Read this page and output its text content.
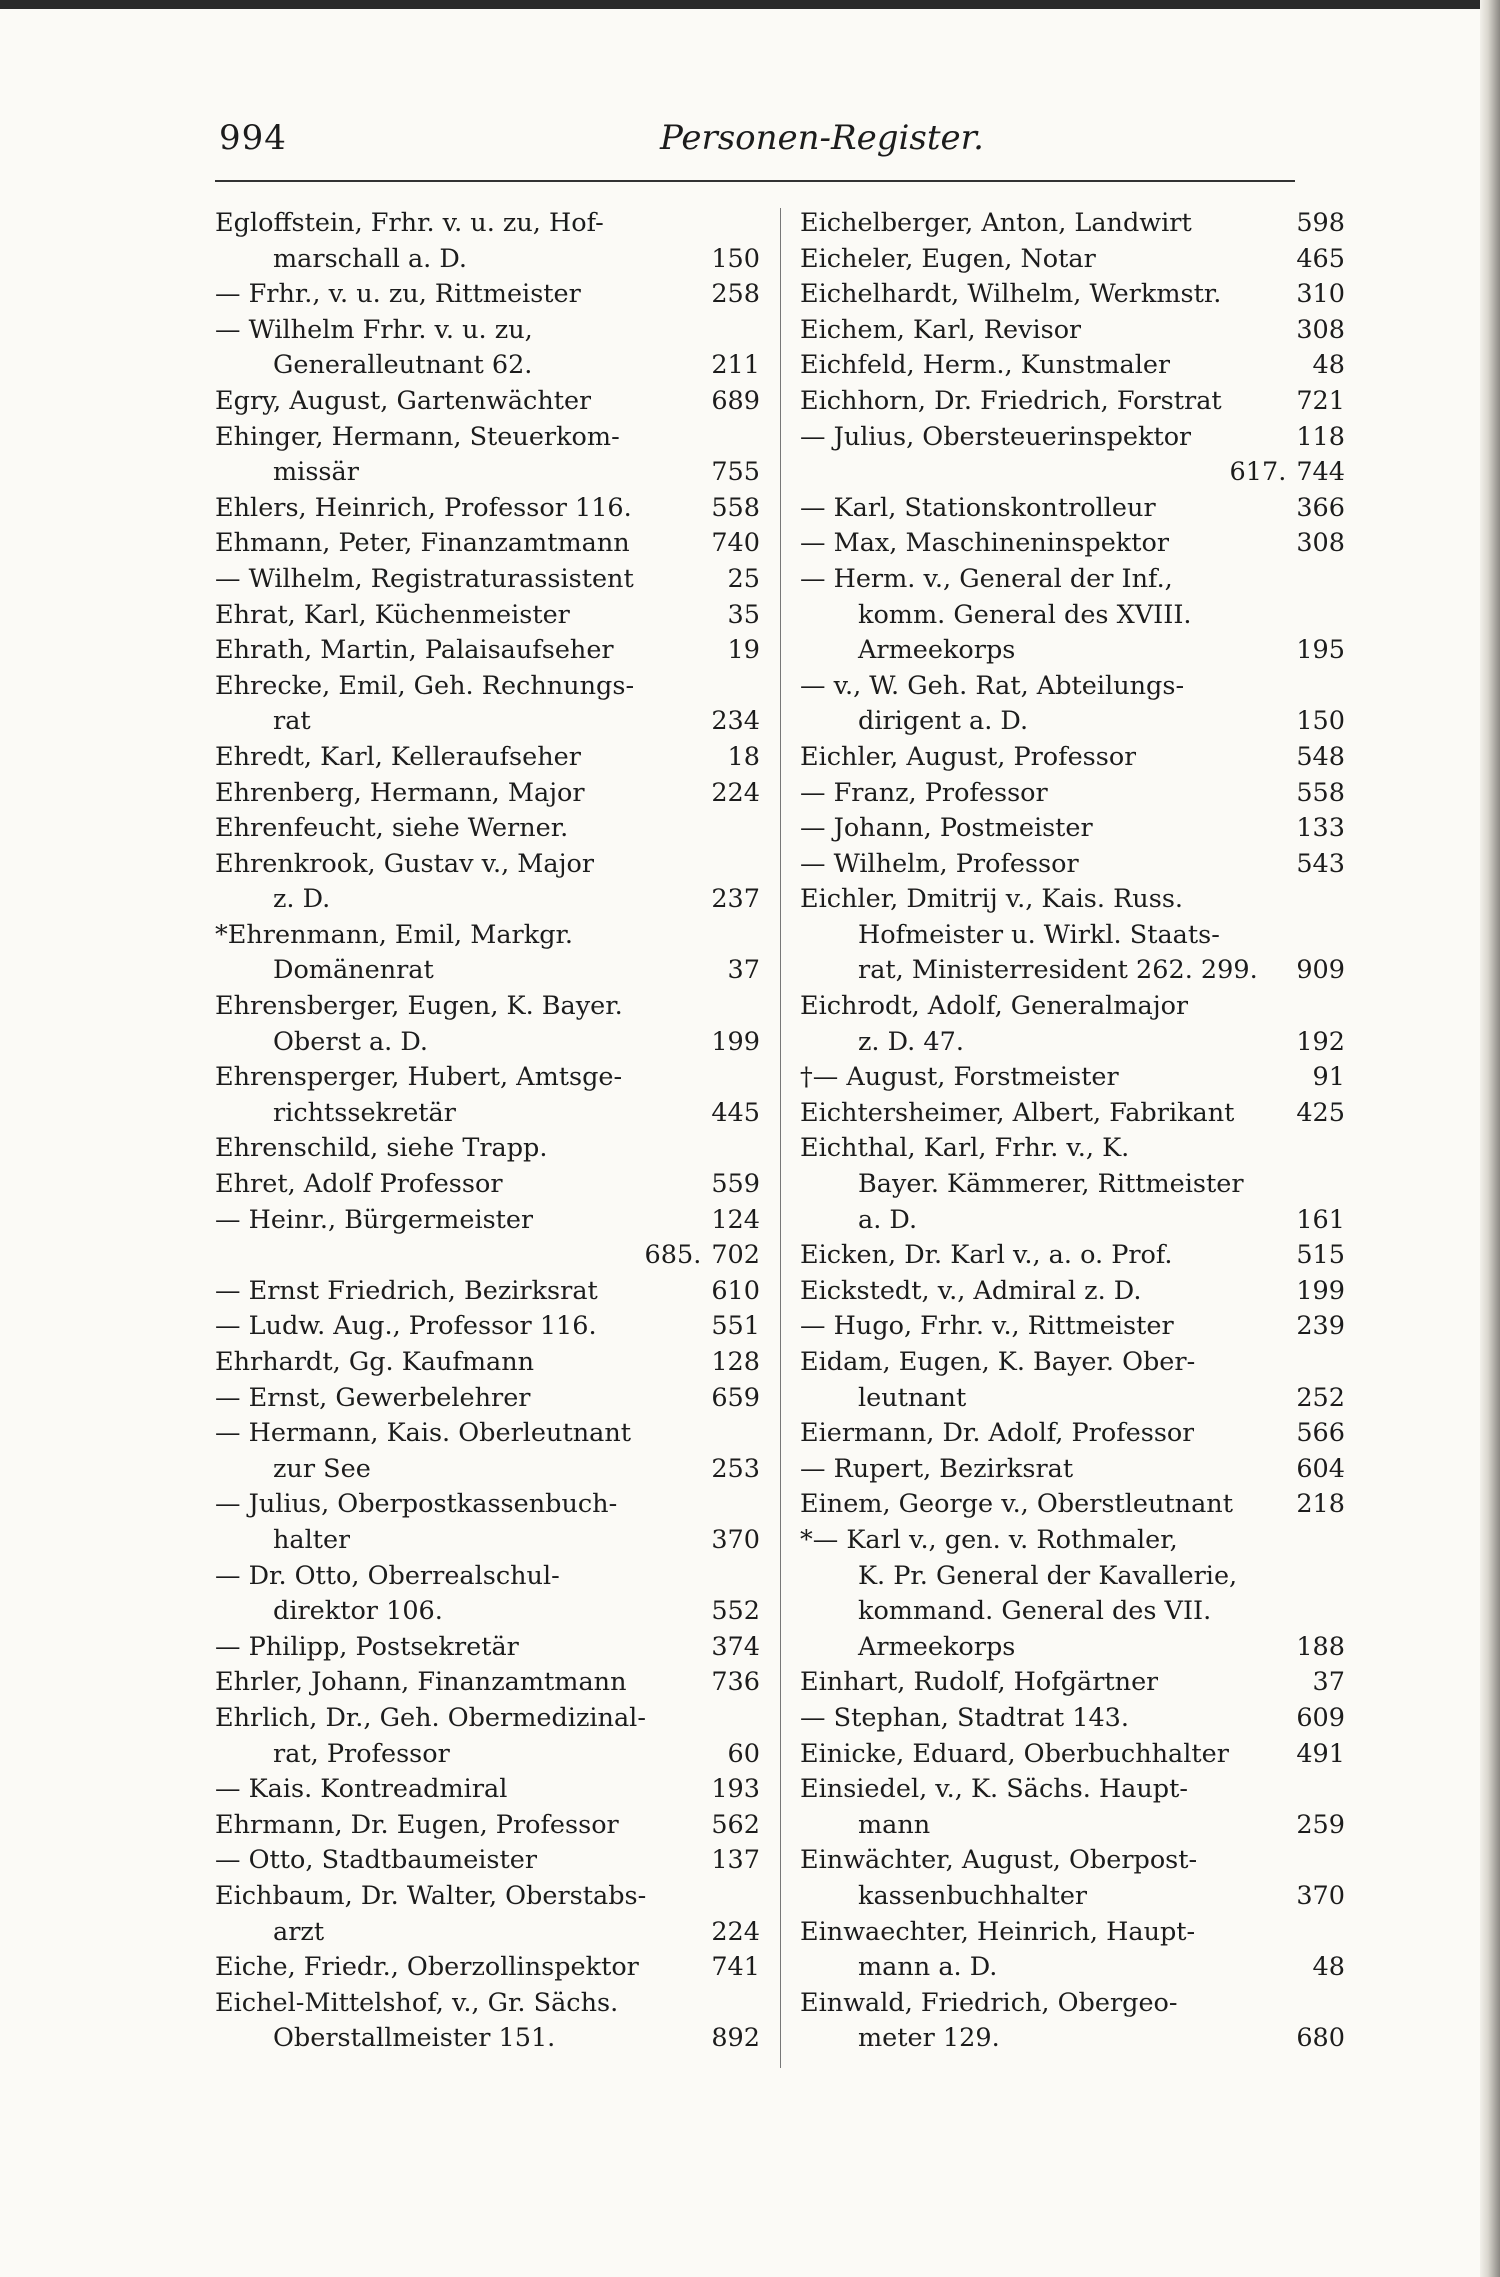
994	Personen-Register.
Egloffstein, Frhr. v. u. zu, Hof-
marschall a. D.	150
— Frhr., v. u. zu, Rittmeister	258
— Wilhelm Frhr. v. u. zu,
Generalleutnant 62.	211
Egry, August, Gartenwächter	689
Ehinger, Hermann, Steuerkom-
missär	755
Ehlers, Heinrich, Professor 116.	558
Ehmann, Peter, Finanzamtmann	740
— Wilhelm, Registraturassistent	25
Ehrat, Karl, Küchenmeister	35
Ehrath, Martin, Palaisaufseher	19
Ehrecke, Emil, Geh. Rechnungs-
rat	234
Ehredt, Karl, Kelleraufseher	18
Ehrenberg, Hermann, Major	224
Ehrenfeucht, siehe Werner.
Ehrenkrook, Gustav v., Major
z. D.	237
*Ehrenmann, Emil, Markgr.
Domänenrat	37
Ehrensberger, Eugen, K. Bayer.
Oberst a. D.	199
Ehrensperger, Hubert, Amtsge-
richtssekretär	445
Ehrenschild, siehe Trapp.
Ehret, Adolf Professor	559
— Heinr., Bürgermeister	124
685. 702
— Ernst Friedrich, Bezirksrat	610
— Ludw. Aug., Professor 116.	551
Ehrhardt, Gg. Kaufmann	128
— Ernst, Gewerbelehrer	659
— Hermann, Kais. Oberleutnant
zur See	253
— Julius, Oberpostkassenbuch-
halter	370
— Dr. Otto, Oberrealschul-
direktor 106.	552
— Philipp, Postsekretär	374
Ehrler, Johann, Finanzamtmann	736
Ehrlich, Dr., Geh. Obermedizinal-
rat, Professor	60
— Kais. Kontreadmiral	193
Ehrmann, Dr. Eugen, Professor	562
— Otto, Stadtbaumeister	137
Eichbaum, Dr. Walter, Oberstabs-
arzt	224
Eiche, Friedr., Oberzollinspektor	741
Eichel-Mittelshof, v., Gr. Sächs.
Oberstallmeister 151.	892
Eichelberger, Anton, Landwirt	598
Eicheler, Eugen, Notar	465
Eichelhardt, Wilhelm, Werkmstr.	310
Eichem, Karl, Revisor	308
Eichfeld, Herm., Kunstmaler	48
Eichhorn, Dr. Friedrich, Forstrat	721
— Julius, Obersteuerinspektor	118
617. 744
— Karl, Stationskontrolleur	366
— Max, Maschineninspektor	308
— Herm. v., General der Inf.,
komm. General des XVIII.
Armeekorps	195
— v., W. Geh. Rat, Abteilungs-
dirigent a. D.	150
Eichler, August, Professor	548
— Franz, Professor	558
— Johann, Postmeister	133
— Wilhelm, Professor	543
Eichler, Dmitrij v., Kais. Russ.
Hofmeister u. Wirkl. Staats-
rat, Ministerresident 262. 299.	909
Eichrodt, Adolf, Generalmajor
z. D. 47.	192
†— August, Forstmeister	91
Eichtersheimer, Albert, Fabrikant	425
Eichthal, Karl, Frhr. v., K.
Bayer. Kämmerer, Rittmeister
a. D.	161
Eicken, Dr. Karl v., a. o. Prof.	515
Eickstedt, v., Admiral z. D.	199
— Hugo, Frhr. v., Rittmeister	239
Eidam, Eugen, K. Bayer. Ober-
leutnant	252
Eiermann, Dr. Adolf, Professor	566
— Rupert, Bezirksrat	604
Einem, George v., Oberstleutnant	218
*— Karl v., gen. v. Rothmaler,
K. Pr. General der Kavallerie,
kommand. General des VII.
Armeekorps	188
Einhart, Rudolf, Hofgärtner	37
— Stephan, Stadtrat 143.	609
Einicke, Eduard, Oberbuchhalter	491
Einsiedel, v., K. Sächs. Haupt-
mann	259
Einwächter, August, Oberpost-
kassenbuchhalter	370
Einwaechter, Heinrich, Haupt-
mann a. D.	48
Einwald, Friedrich, Obergeo-
meter 129.	680
